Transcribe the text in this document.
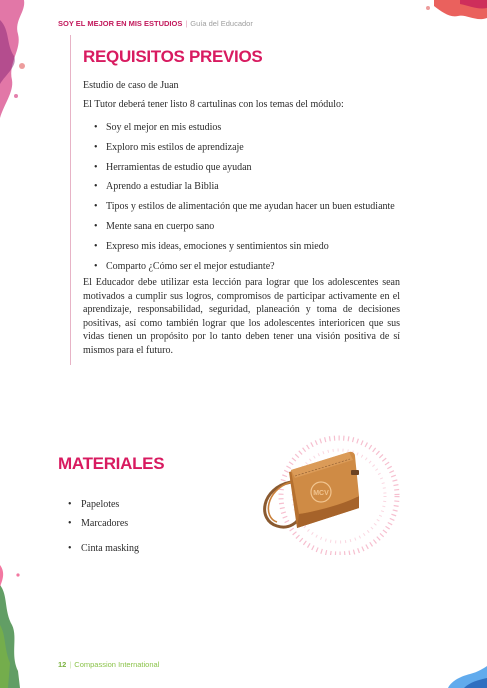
SOY EL MEJOR EN MIS ESTUDIOS | Guía del Educador
REQUISITOS PREVIOS
Estudio de caso de Juan
El Tutor deberá tener listo 8 cartulinas con los temas del módulo:
• Soy el mejor en mis estudios
• Exploro mis estilos de aprendizaje
• Herramientas de estudio que ayudan
• Aprendo a estudiar la Biblia
• Tipos y estilos de alimentación que me ayudan hacer un buen estudiante
• Mente sana en cuerpo sano
• Expreso mis ideas, emociones y sentimientos sin miedo
• Comparto ¿Cómo ser el mejor estudiante?
El Educador debe utilizar esta lección para lograr que los adolescentes sean motivados a cumplir sus logros, compromisos de participar activamente en el aprendizaje, responsabilidad, seguridad, planeación y toma de decisiones positivas, así como también lograr que los adolescentes interioricen que sus vidas tienen un propósito por lo tanto deben tener una visión positiva de sí mismos para el futuro.
MATERIALES
• Papelotes
• Marcadores
• Cinta masking
MCV
12 | Compassion International
